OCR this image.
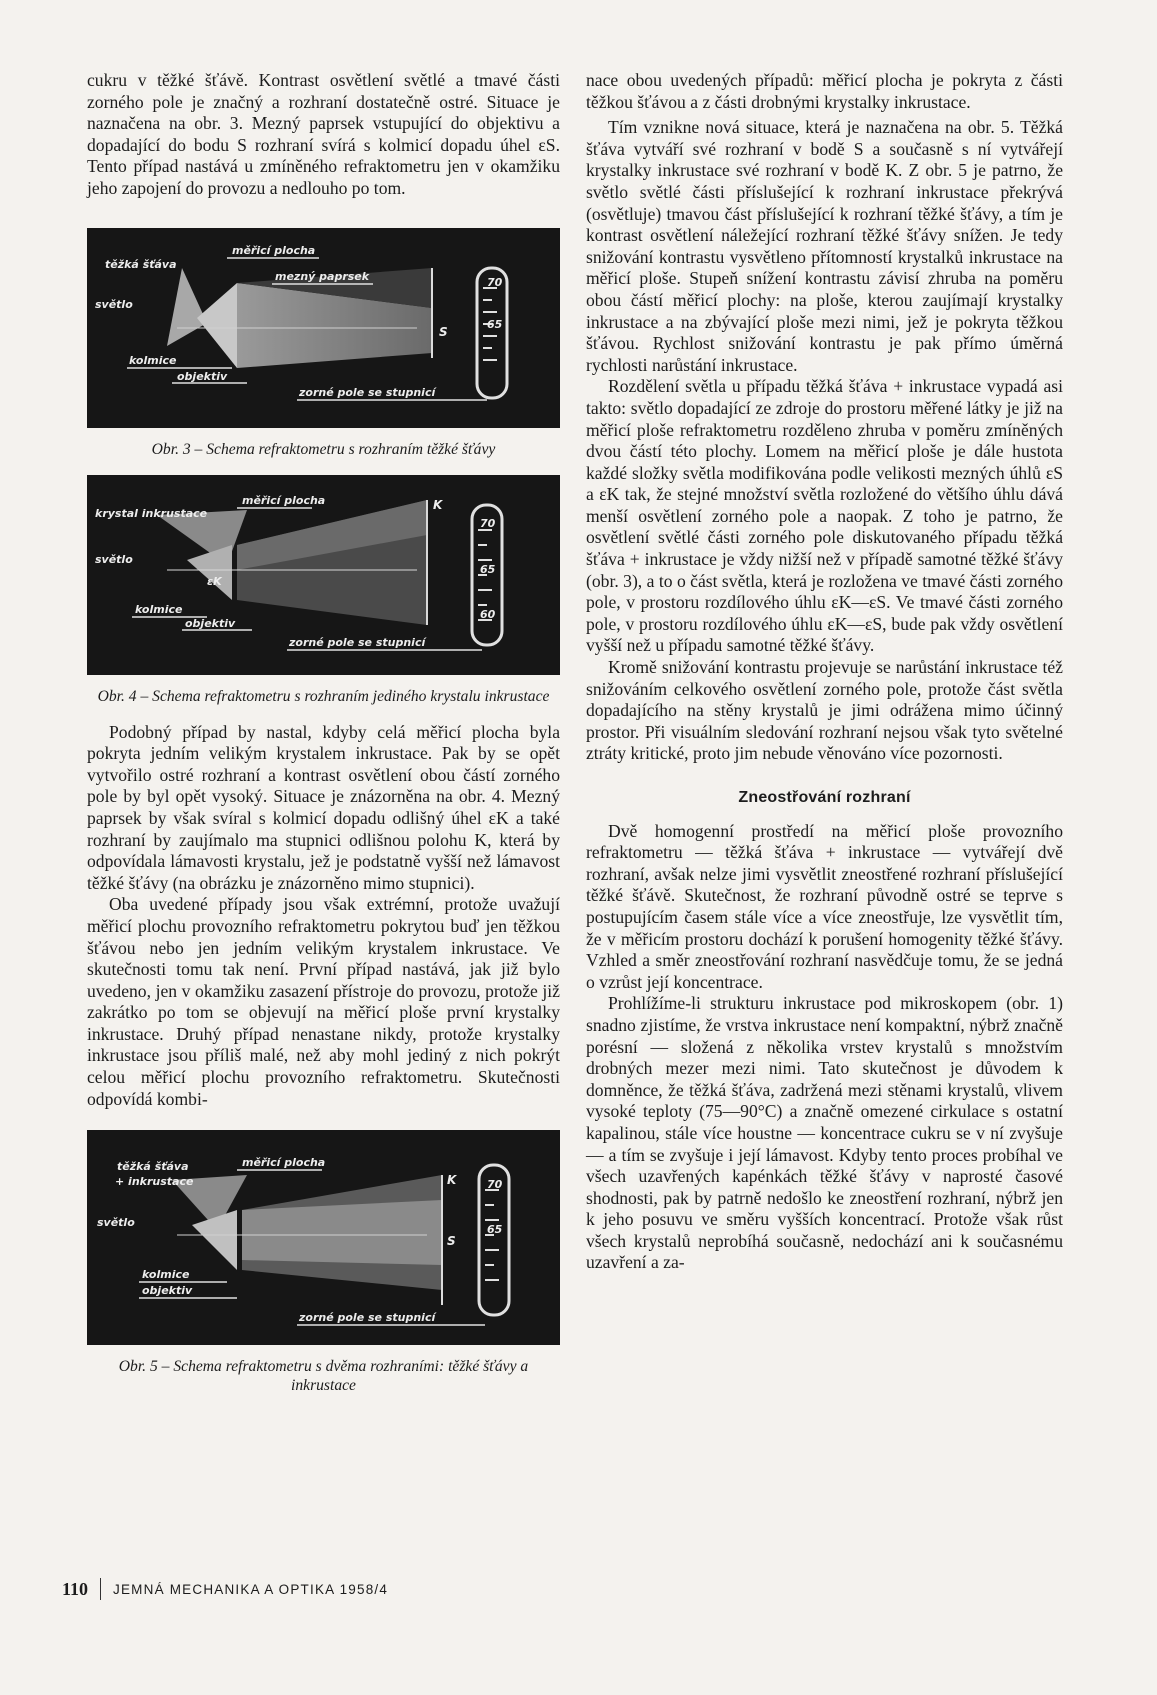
cukru v těžké šťávě. Kontrast osvětlení světlé a tmavé části zorného pole je značný a rozhraní dostatečně ostré. Situace je naznačena na obr. 3. Mezný paprsek vstupující do objektivu a dopadající do bodu S rozhraní svírá s kolmicí dopadu úhel εS. Tento případ nastává u zmíněného refraktometru jen v okamžiku jeho zapojení do provozu a nedlouho po tom.

těžká šťáva
světlo
kolmice
objektiv
měřicí plocha
mezný paprsek
zorné pole se stupnicí
S
70
65
Obr. 3 – Schema refraktometru s rozhraním těžké šťávy
krystal inkrustace
měřicí plocha
světlo
εK
kolmice
objektiv
zorné pole se stupnicí
K
70
65
60
Obr. 4 – Schema refraktometru s rozhraním jediného krystalu inkrustace

Podobný případ by nastal, kdyby celá měřicí plocha byla pokryta jedním velikým krystalem inkrustace. Pak by se opět vytvořilo ostré rozhraní a kontrast osvětlení obou částí zorného pole by byl opět vysoký. Situace je znázorněna na obr. 4. Mezný paprsek by však svíral s kolmicí dopadu odlišný úhel εK a také rozhraní by zaujímalo ma stupnici odlišnou polohu K, která by odpovídala lámavosti krystalu, jež je podstatně vyšší než lámavost těžké šťávy (na obrázku je znázorněno mimo stupnici).

Oba uvedené případy jsou však extrémní, protože uvažují měřicí plochu provozního refraktometru pokrytou buď jen těžkou šťávou nebo jen jedním velikým krystalem inkrustace. Ve skutečnosti tomu tak není. První případ nastává, jak již bylo uvedeno, jen v okamžiku zasazení přístroje do provozu, protože již zakrátko po tom se objevují na měřicí ploše první krystalky inkrustace. Druhý případ nenastane nikdy, protože krystalky inkrustace jsou příliš malé, než aby mohl jediný z nich pokrýt celou měřicí plochu provozního refraktometru. Skutečnosti odpovídá kombi-

těžká šťáva
+ inkrustace
měřicí plocha
světlo
kolmice
objektiv
zorné pole se stupnicí
K
S
70
65
Obr. 5 – Schema refraktometru s dvěma rozhraními: těžké šťávy a inkrustace

nace obou uvedených případů: měřicí plocha je pokryta z části těžkou šťávou a z části drobnými krystalky inkrustace.

Tím vznikne nová situace, která je naznačena na obr. 5. Těžká šťáva vytváří své rozhraní v bodě S a současně s ní vytvářejí krystalky inkrustace své rozhraní v bodě K. Z obr. 5 je patrno, že světlo světlé části příslušející k rozhraní inkrustace překrývá (osvětluje) tmavou část příslušející k rozhraní těžké šťávy, a tím je kontrast osvětlení náležející rozhraní těžké šťávy snížen. Je tedy snižování kontrastu vysvětleno přítomností krystalků inkrustace na měřicí ploše. Stupeň snížení kontrastu závisí zhruba na poměru obou částí měřicí plochy: na ploše, kterou zaujímají krystalky inkrustace a na zbývající ploše mezi nimi, jež je pokryta těžkou šťávou. Rychlost snižování kontrastu je pak přímo úměrná rychlosti narůstání inkrustace.

Rozdělení světla u případu těžká šťáva + inkrustace vypadá asi takto: světlo dopadající ze zdroje do prostoru měřené látky je již na měřicí ploše refraktometru rozděleno zhruba v poměru zmíněných dvou částí této plochy. Lomem na měřicí ploše je dále hustota každé složky světla modifikována podle velikosti mezných úhlů εS a εK tak, že stejné množství světla rozložené do většího úhlu dává menší osvětlení zorného pole a naopak. Z toho je patrno, že osvětlení světlé části zorného pole diskutovaného případu těžká šťáva + inkrustace je vždy nižší než v případě samotné těžké šťávy (obr. 3), a to o část světla, která je rozložena ve tmavé části zorného pole, v prostoru rozdílového úhlu εK—εS. Ve tmavé části zorného pole, v prostoru rozdílového úhlu εK—εS, bude pak vždy osvětlení vyšší než u případu samotné těžké šťávy.

Kromě snižování kontrastu projevuje se narůstání inkrustace též snižováním celkového osvětlení zorného pole, protože část světla dopadajícího na stěny krystalů je jimi odrážena mimo účinný prostor. Při visuálním sledování rozhraní nejsou však tyto světelné ztráty kritické, proto jim nebude věnováno více pozornosti.

Zneostřování rozhraní

Dvě homogenní prostředí na měřicí ploše provozního refraktometru — těžká šťáva + inkrustace — vytvářejí dvě rozhraní, avšak nelze jimi vysvětlit zneostřené rozhraní příslušející těžké šťávě. Skutečnost, že rozhraní původně ostré se teprve s postupujícím časem stále více a více zneostřuje, lze vysvětlit tím, že v měřicím prostoru dochází k porušení homogenity těžké šťávy. Vzhled a směr zneostřování rozhraní nasvědčuje tomu, že se jedná o vzrůst její koncentrace.

Prohlížíme-li strukturu inkrustace pod mikroskopem (obr. 1) snadno zjistíme, že vrstva inkrustace není kompaktní, nýbrž značně porésní — složená z několika vrstev krystalů s množstvím drobných mezer mezi nimi. Tato skutečnost je důvodem k domněnce, že těžká šťáva, zadržená mezi stěnami krystalů, vlivem vysoké teploty (75—90°C) a značně omezené cirkulace s ostatní kapalinou, stále více houstne — koncentrace cukru se v ní zvyšuje — a tím se zvyšuje i její lámavost. Kdyby tento proces probíhal ve všech uzavřených kapénkách těžké šťávy v naprosté časové shodnosti, pak by patrně nedošlo ke zneostření rozhraní, nýbrž jen k jeho posuvu ve směru vyšších koncentrací. Protože však růst všech krystalů neprobíhá současně, nedochází ani k současnému uzavření a za-

110 JEMNÁ MECHANIKA A OPTIKA 1958/4
